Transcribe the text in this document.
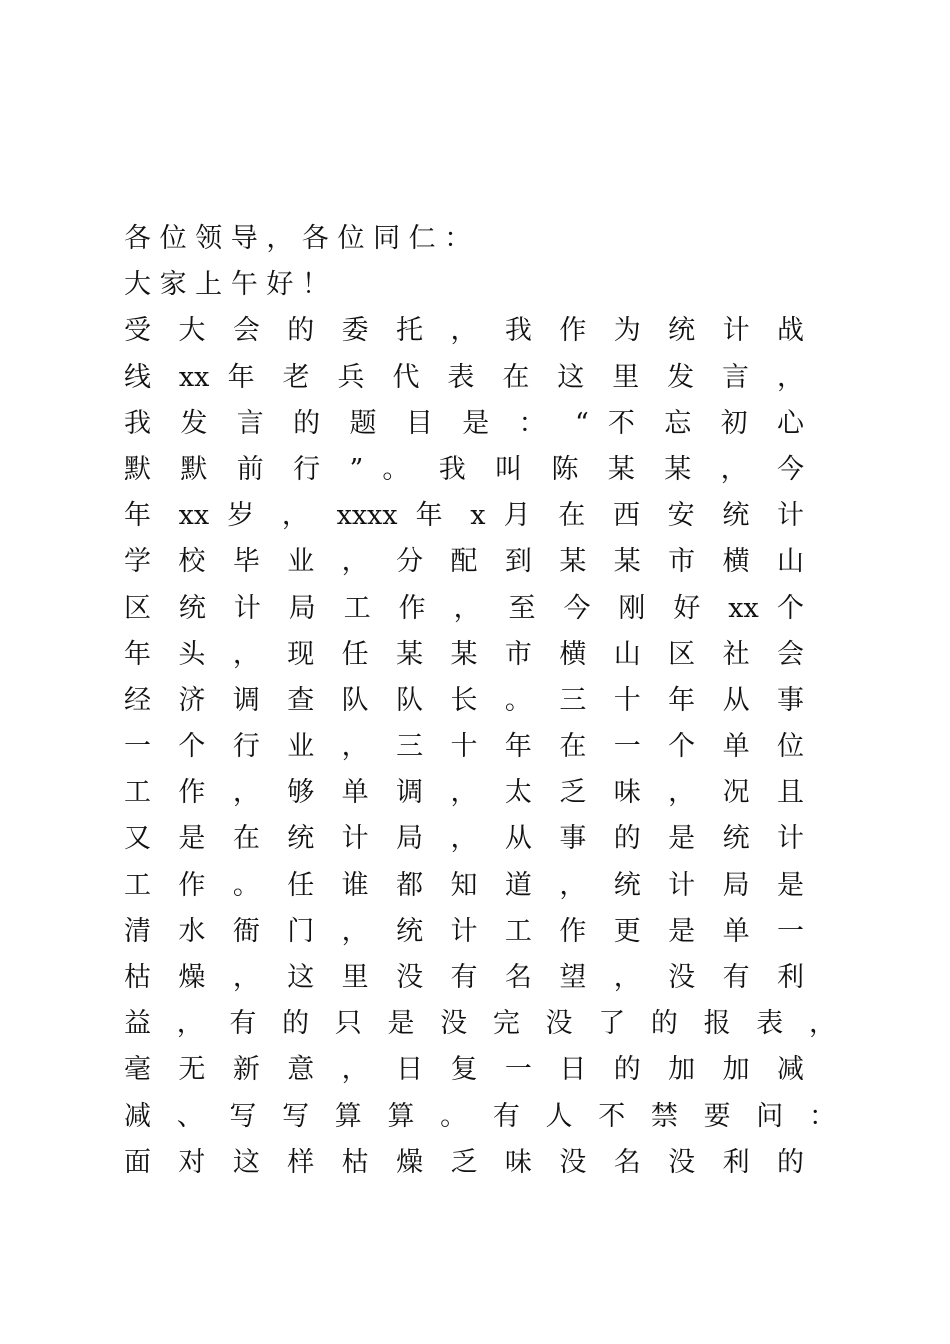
各 位 领 导 ， 各 位 同 仁 ：
大 家 上 午 好 ！
受 大 会 的 委 托 ， 我 作 为 统 计 战
线 xx 年 老 兵 代 表 在 这 里 发 言 ，
我 发 言 的 题 目 是 ： “ 不 忘 初 心
默 默 前 行 ” 。 我 叫 陈 某 某 ， 今
年 xx 岁 ， xxxx 年 x 月 在 西 安 统 计
学 校 毕 业 ， 分 配 到 某 某 市 横 山
区 统 计 局 工 作 ， 至 今 刚 好 xx 个
年 头 ， 现 任 某 某 市 横 山 区 社 会
经 济 调 查 队 队 长 。 三 十 年 从 事
一 个 行 业 ， 三 十 年 在 一 个 单 位
工 作 ， 够 单 调 ， 太 乏 味 ， 况 且
又 是 在 统 计 局 ， 从 事 的 是 统 计
工 作 。 任 谁 都 知 道 ， 统 计 局 是
清 水 衙 门 ， 统 计 工 作 更 是 单 一
枯 燥 ， 这 里 没 有 名 望 ， 没 有 利
益 ， 有 的 只 是 没 完 没 了 的 报 表 ，
毫 无 新 意 ， 日 复 一 日 的 加 加 减
减 、 写 写 算 算 。 有 人 不 禁 要 问 ：
面 对 这 样 枯 燥 乏 味 没 名 没 利 的
